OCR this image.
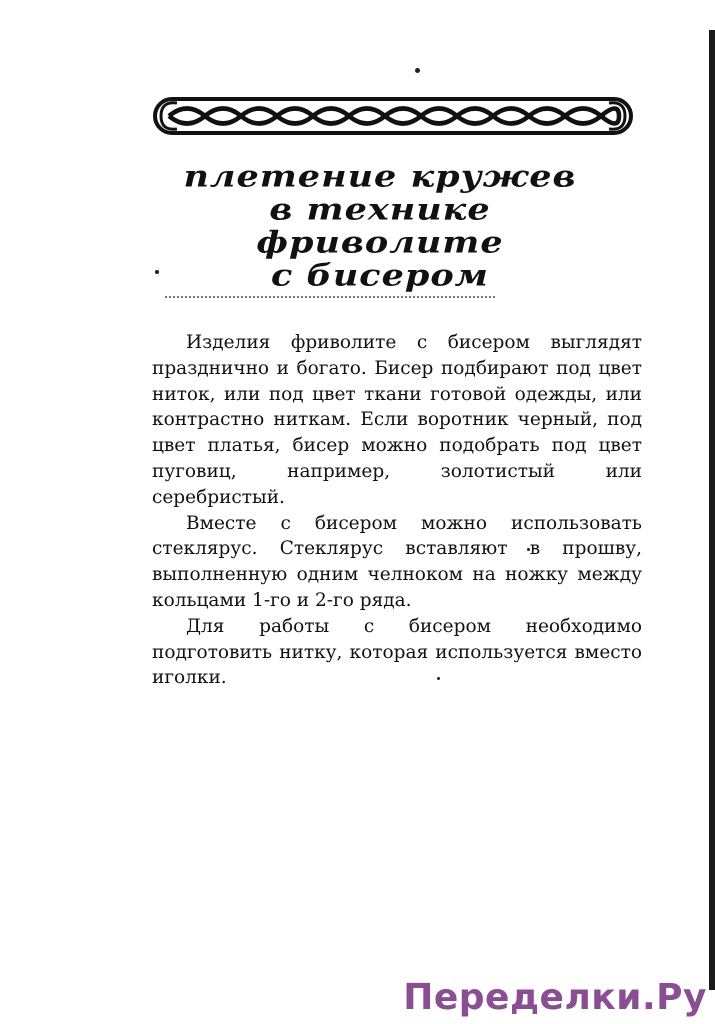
плетение кружев
в технике
фриволите
с бисером

Изделия фриволите с бисером выглядят празднично и богато. Бисер подбирают под цвет ниток, или под цвет ткани готовой одежды, или контрастно ниткам. Если воротник черный, под цвет платья, бисер можно подобрать под цвет пуговиц, например, золотистый или серебристый.

Вместе с бисером можно использовать стеклярус. Стеклярус вставляют в прошву, выполненную одним челноком на ножку между кольцами 1-го и 2-го ряда.

Для работы с бисером необходимо подготовить нитку, которая используется вместо иголки.

Переделки.Ру
